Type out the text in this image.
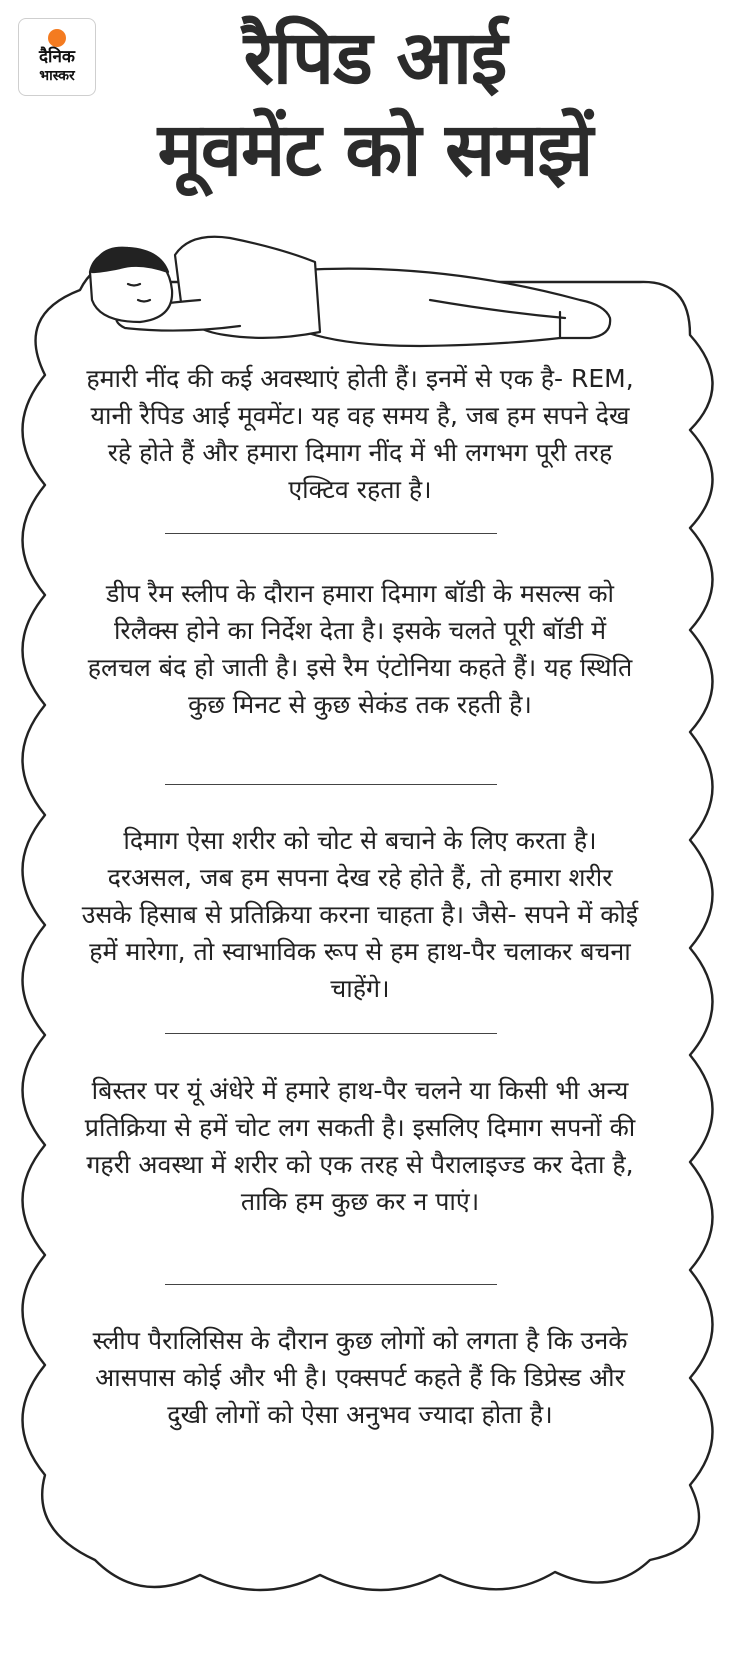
दैनिक
भास्कर	रैपिड आई
मूवमेंट को समझें
हमारी नींद की कई अवस्थाएं होती हैं। इनमें से एक है- REM, यानी रैपिड आई मूवमेंट। यह वह समय है, जब हम सपने देख रहे होते हैं और हमारा दिमाग नींद में भी लगभग पूरी तरह एक्टिव रहता है।
डीप रैम स्लीप के दौरान हमारा दिमाग बॉडी के मसल्स को रिलैक्स होने का निर्देश देता है। इसके चलते पूरी बॉडी में हलचल बंद हो जाती है। इसे रैम एंटोनिया कहते हैं। यह स्थिति कुछ मिनट से कुछ सेकंड तक रहती है।
दिमाग ऐसा शरीर को चोट से बचाने के लिए करता है। दरअसल, जब हम सपना देख रहे होते हैं, तो हमारा शरीर उसके हिसाब से प्रतिक्रिया करना चाहता है। जैसे- सपने में कोई हमें मारेगा, तो स्वाभाविक रूप से हम हाथ-पैर चलाकर बचना चाहेंगे।
बिस्तर पर यूं अंधेरे में हमारे हाथ-पैर चलने या किसी भी अन्य प्रतिक्रिया से हमें चोट लग सकती है। इसलिए दिमाग सपनों की गहरी अवस्था में शरीर को एक तरह से पैरालाइज्ड कर देता है, ताकि हम कुछ कर न पाएं।
स्लीप पैरालिसिस के दौरान कुछ लोगों को लगता है कि उनके आसपास कोई और भी है। एक्सपर्ट कहते हैं कि डिप्रेस्ड और दुखी लोगों को ऐसा अनुभव ज्यादा होता है।
